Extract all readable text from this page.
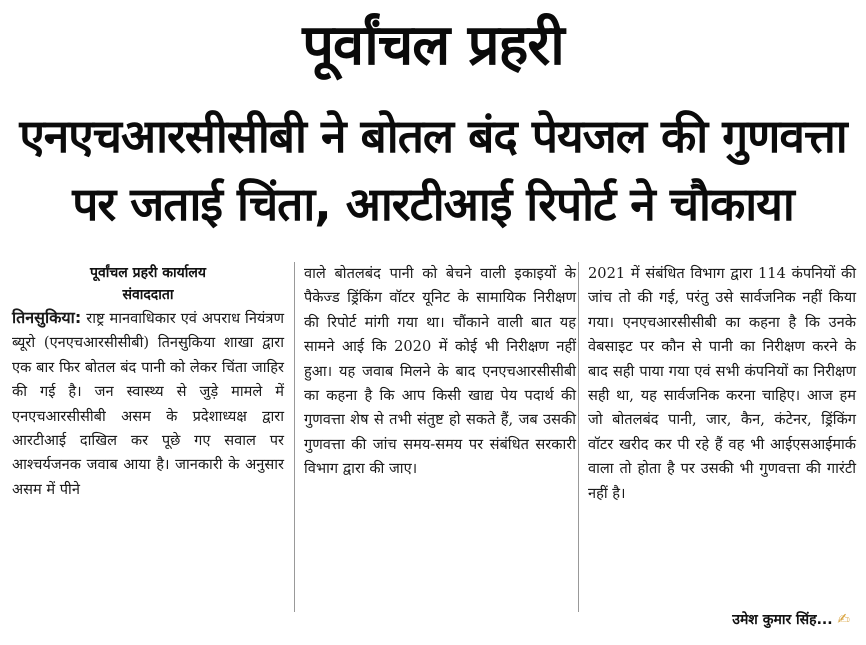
पूर्वांचल प्रहरी
एनएचआरसीसीबी ने बोतल बंद पेयजल की गुणवत्ता पर जताई चिंता, आरटीआई रिपोर्ट ने चौकाया
पूर्वांचल प्रहरी कार्यालय
संवाददाता
तिनसुकिया: राष्ट्र मानवाधिकार एवं अपराध नियंत्रण ब्यूरो (एनएचआरसीसीबी) तिनसुकिया शाखा द्वारा एक बार फिर बोतल बंद पानी को लेकर चिंता जाहिर की गई है। जन स्वास्थ्य से जुड़े मामले में एनएचआरसीसीबी असम के प्रदेशाध्यक्ष द्वारा आरटीआई दाखिल कर पूछे गए सवाल पर आश्चर्यजनक जवाब आया है। जानकारी के अनुसार असम में पीने
वाले बोतलबंद पानी को बेचने वाली इकाइयों के पैकेज्ड ड्रिंकिंग वॉटर यूनिट के सामायिक निरीक्षण की रिपोर्ट मांगी गया था। चौंकाने वाली बात यह सामने आई कि 2020 में कोई भी निरीक्षण नहीं हुआ। यह जवाब मिलने के बाद एनएचआरसीसीबी का कहना है कि आप किसी खाद्य पेय पदार्थ की गुणवत्ता शेष से तभी संतुष्ट हो सकते हैं, जब उसकी गुणवत्ता की जांच समय-समय पर संबंधित सरकारी विभाग द्वारा की जाए।
2021 में संबंधित विभाग द्वारा 114 कंपनियों की जांच तो की गई, परंतु उसे सार्वजनिक नहीं किया गया। एनएचआरसीसीबी का कहना है कि उनके वेबसाइट पर कौन से पानी का निरीक्षण करने के बाद सही पाया गया एवं सभी कंपनियों का निरीक्षण सही था, यह सार्वजनिक करना चाहिए। आज हम जो बोतलबंद पानी, जार, कैन, कंटेनर, ड्रिंकिंग वॉटर खरीद कर पी रहे हैं वह भी आईएसआईमार्क वाला तो होता है पर उसकी भी गुणवत्ता की गारंटी नहीं है।
उमेश कुमार सिंह... ✍
